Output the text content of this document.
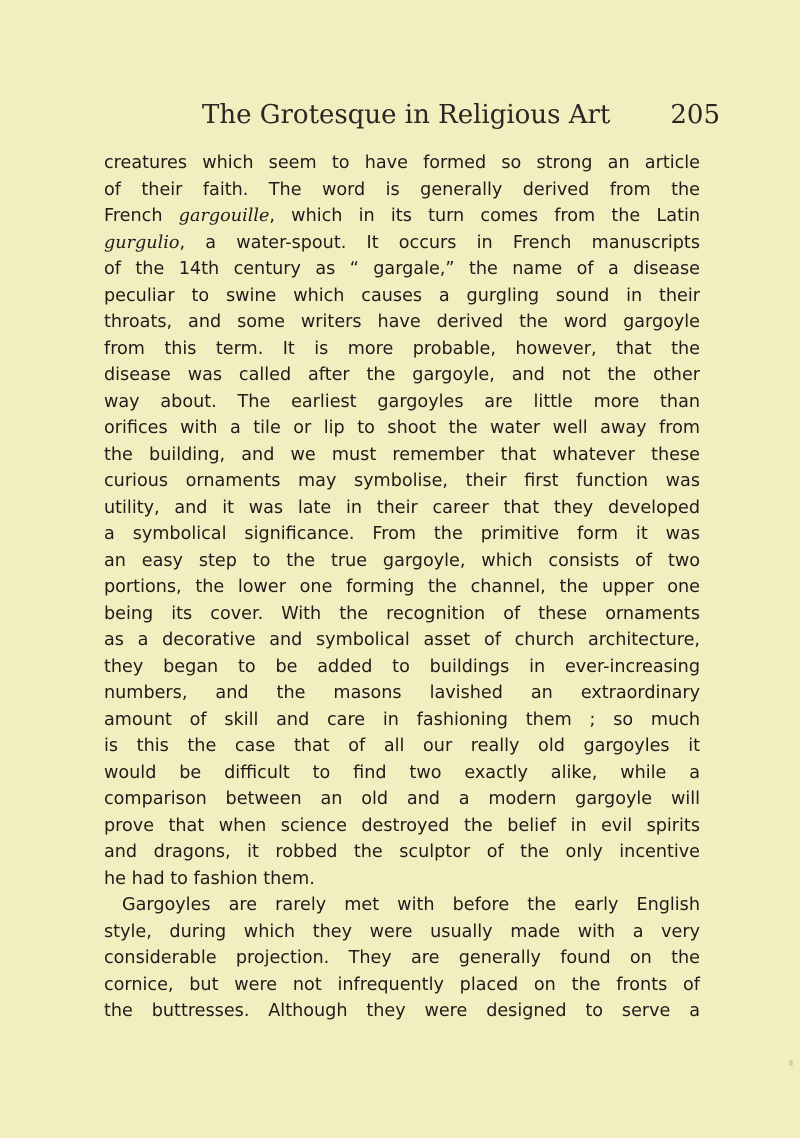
The Grotesque in Religious Art 205
creatures which seem to have formed so strong an article
of their faith. The word is generally derived from the
French gargouille, which in its turn comes from the Latin
gurgulio, a water-spout. It occurs in French manuscripts
of the 14th century as “ gargale,” the name of a disease
peculiar to swine which causes a gurgling sound in their
throats, and some writers have derived the word gargoyle
from this term. It is more probable, however, that the
disease was called after the gargoyle, and not the other
way about. The earliest gargoyles are little more than
orifices with a tile or lip to shoot the water well away from
the building, and we must remember that whatever these
curious ornaments may symbolise, their first function was
utility, and it was late in their career that they developed
a symbolical significance. From the primitive form it was
an easy step to the true gargoyle, which consists of two
portions, the lower one forming the channel, the upper one
being its cover. With the recognition of these ornaments
as a decorative and symbolical asset of church architecture,
they began to be added to buildings in ever-increasing
numbers, and the masons lavished an extraordinary
amount of skill and care in fashioning them ; so much
is this the case that of all our really old gargoyles it
would be difficult to find two exactly alike, while a
comparison between an old and a modern gargoyle will
prove that when science destroyed the belief in evil spirits
and dragons, it robbed the sculptor of the only incentive
he had to fashion them.
Gargoyles are rarely met with before the early English
style, during which they were usually made with a very
considerable projection. They are generally found on the
cornice, but were not infrequently placed on the fronts of
the buttresses. Although they were designed to serve a
